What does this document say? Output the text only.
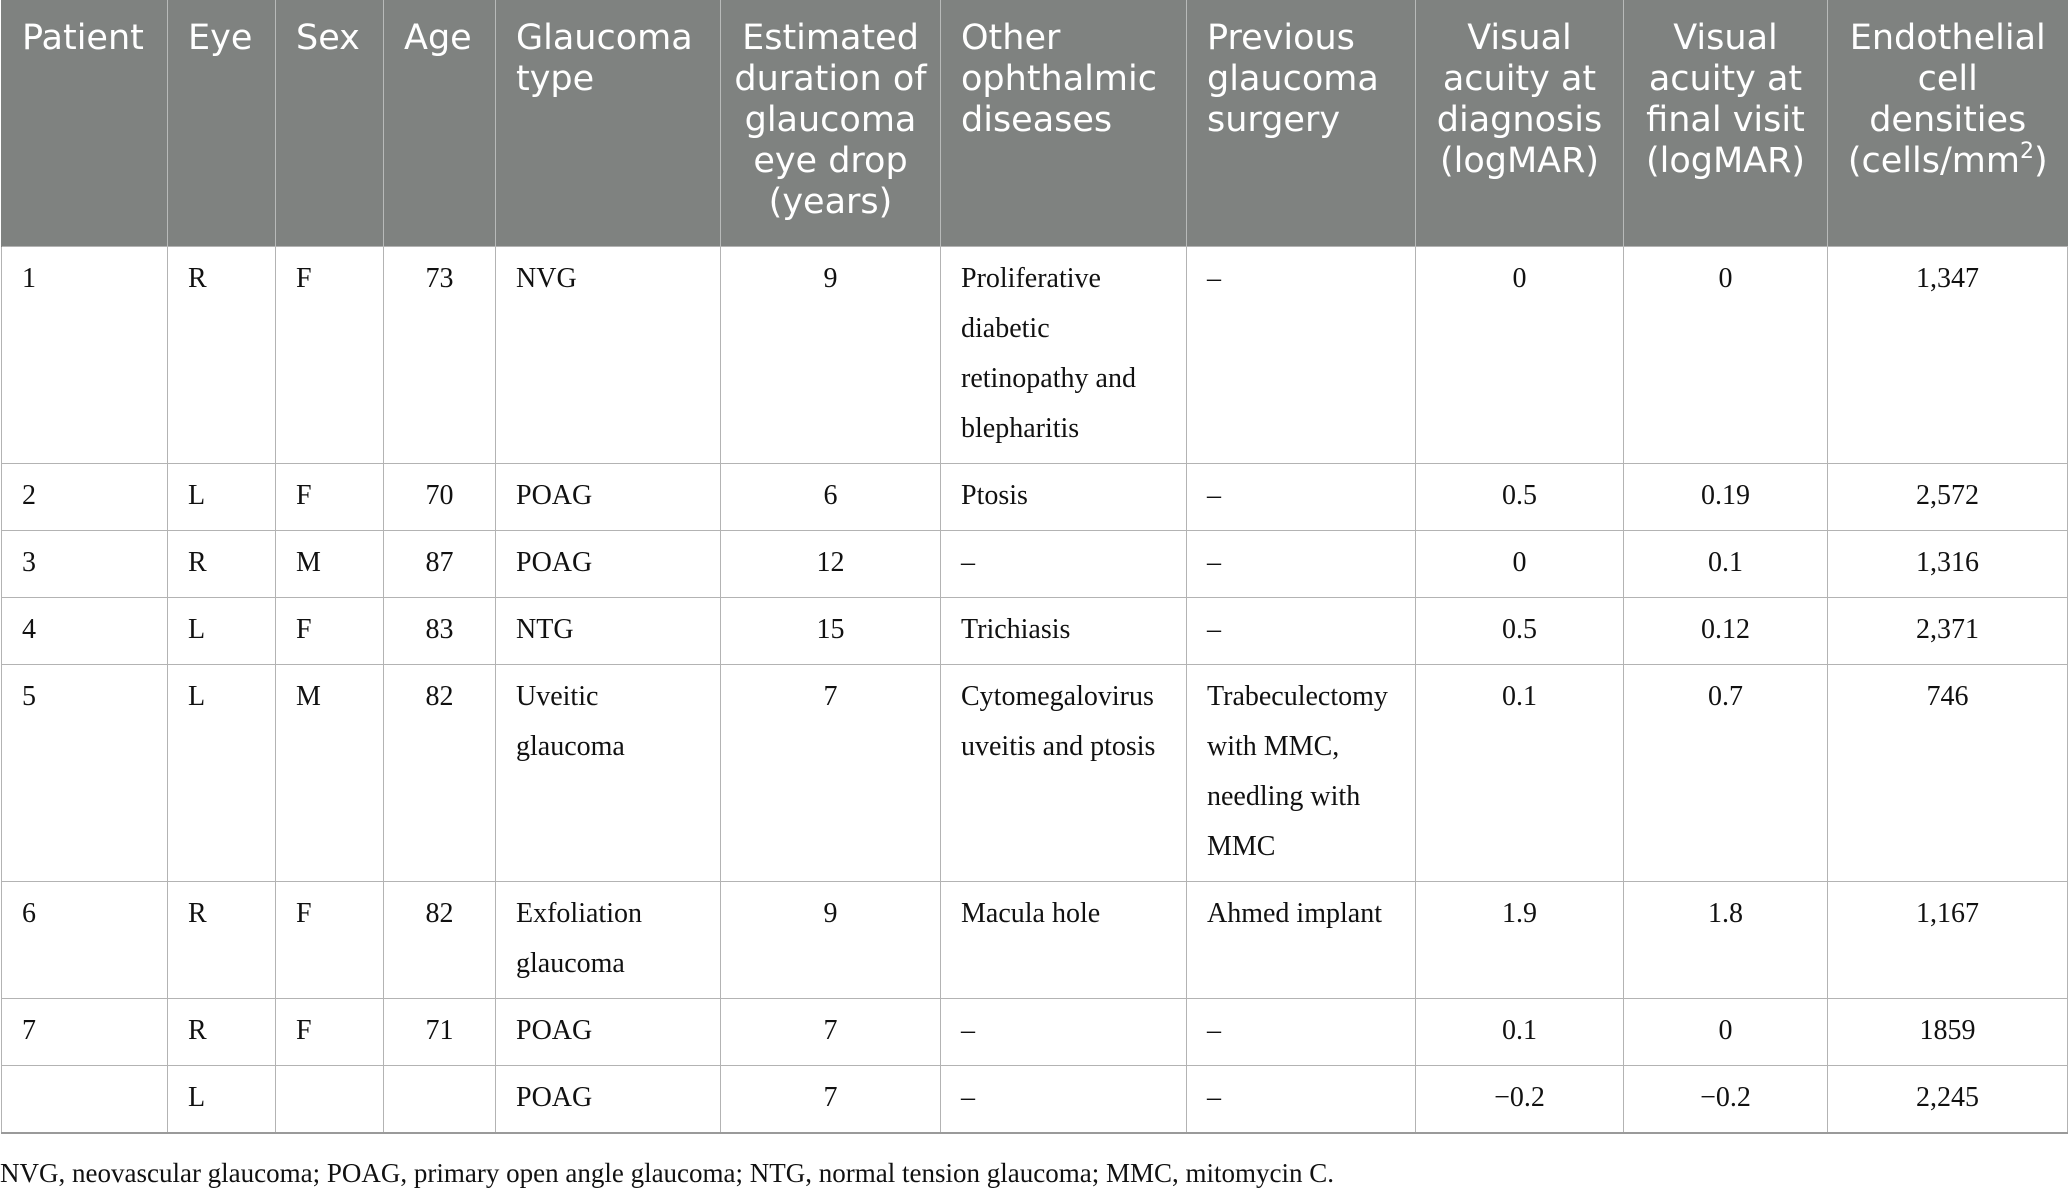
Patient	Eye	Sex	Age	Glaucoma type	Estimated duration of glaucoma eye drop (years)	Other ophthalmic diseases	Previous glaucoma surgery	Visual acuity at diagnosis (logMAR)	Visual acuity at final visit (logMAR)	Endothelial cell densities $(cells/mm^2)$
1	R	F	73	NVG	9	Proliferative diabetic retinopathy and blepharitis	–	0	0	1,347
2	L	F	70	POAG	6	Ptosis	–	0.5	0.19	2,572
3	R	M	87	POAG	12	–	–	0	0.1	1,316
4	L	F	83	NTG	15	Trichiasis	–	0.5	0.12	2,371
5	L	M	82	Uveitic glaucoma	7	Cytomegalovirus uveitis and ptosis	Trabeculectomy with MMC, needling with MMC	0.1	0.7	746
6	R	F	82	Exfoliation glaucoma	9	Macula hole	Ahmed implant	1.9	1.8	1,167
7	R	F	71	POAG	7	–	–	0.1	0	1859
	L			POAG	7	–	–	−0.2	−0.2	2,245
NVG, neovascular glaucoma; POAG, primary open angle glaucoma; NTG, normal tension glaucoma; MMC, mitomycin C.
